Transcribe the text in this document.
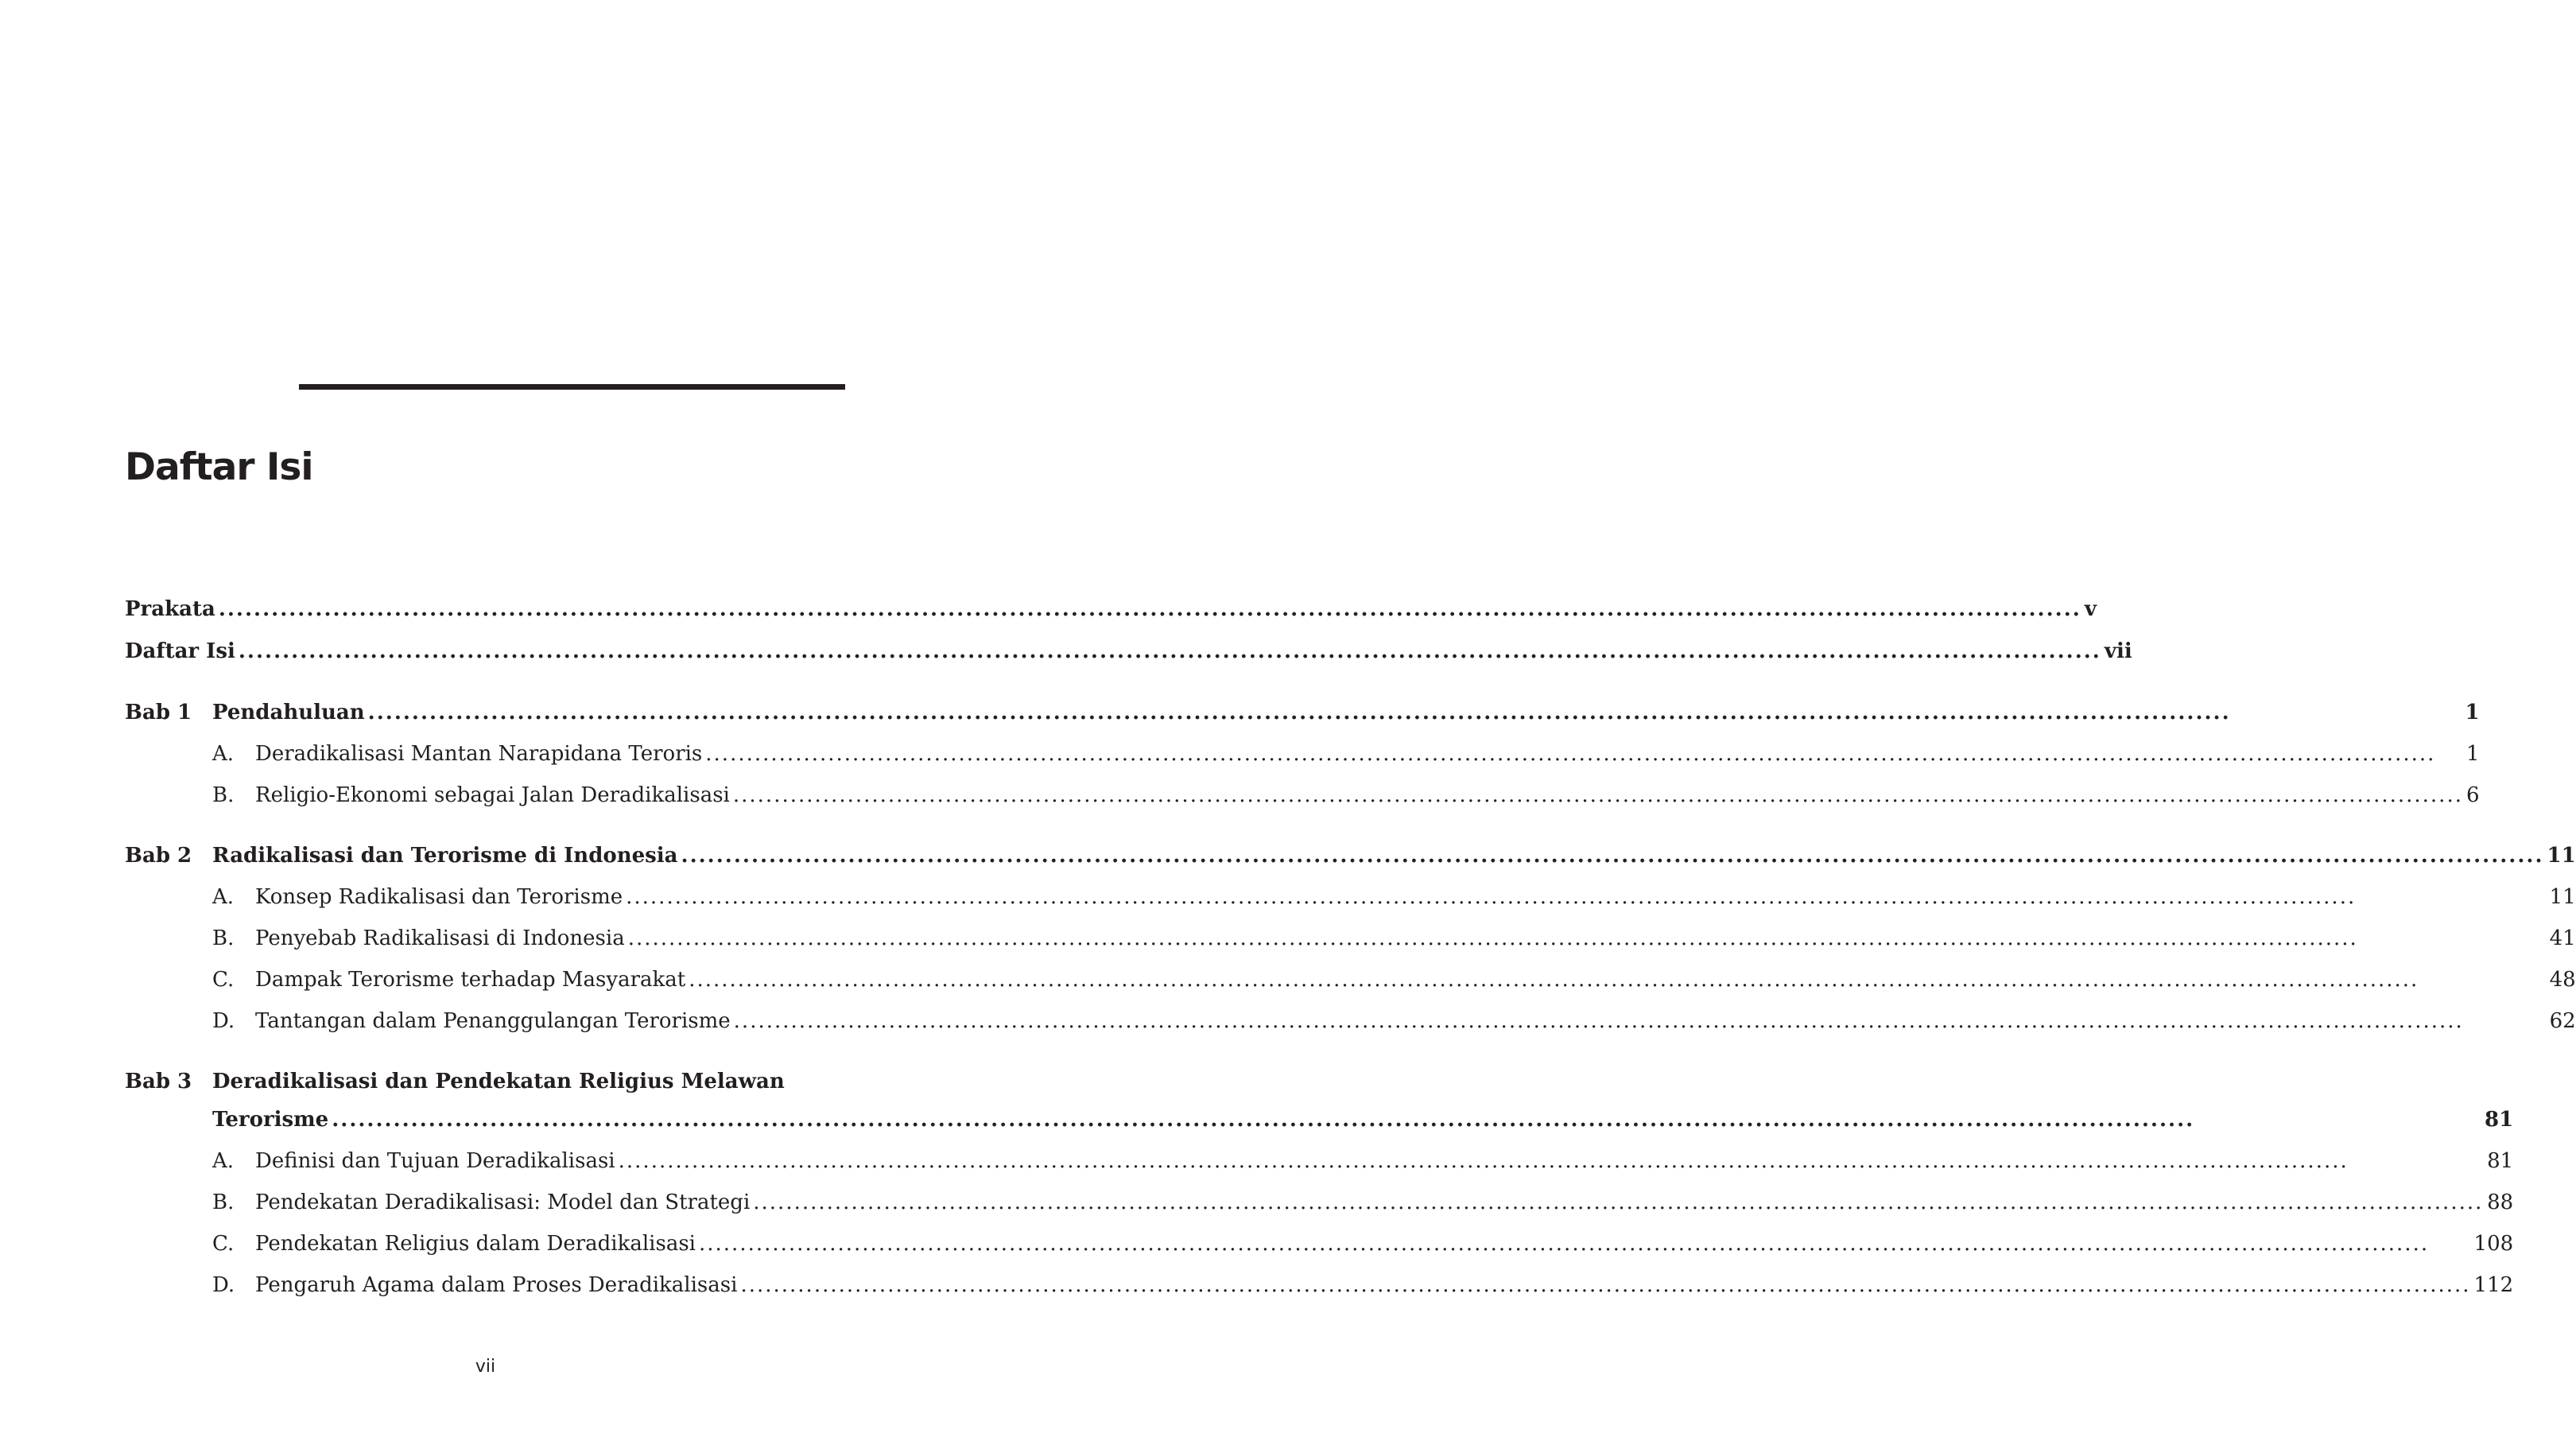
Daftar Isi
Prakata .....	v
Daftar Isi .....	vii
Bab 1 Pendahuluan .....	1
A. Deradikalisasi Mantan Narapidana Teroris .....	1
B. Religio-Ekonomi sebagai Jalan Deradikalisasi .....	6
Bab 2 Radikalisasi dan Terorisme di Indonesia .....	11
A. Konsep Radikalisasi dan Terorisme .....	11
B. Penyebab Radikalisasi di Indonesia .....	41
C. Dampak Terorisme terhadap Masyarakat .....	48
D. Tantangan dalam Penanggulangan Terorisme .....	62
Bab 3 Deradikalisasi dan Pendekatan Religius Melawan
Terorisme .....	81
A. Definisi dan Tujuan Deradikalisasi .....	81
B. Pendekatan Deradikalisasi: Model dan Strategi .....	88
C. Pendekatan Religius dalam Deradikalisasi .....	108
D. Pengaruh Agama dalam Proses Deradikalisasi .....	112
vii
